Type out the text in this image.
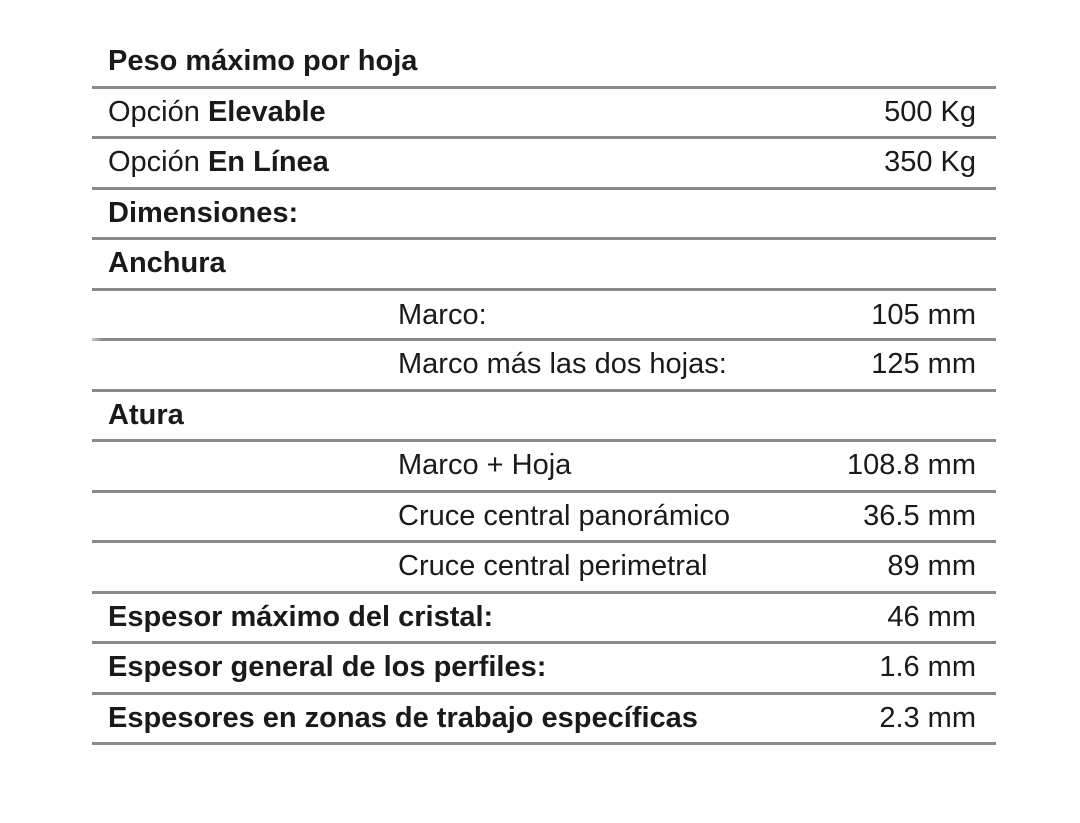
Peso máximo por hoja
Opción Elevable	500 Kg
Opción En Línea	350 Kg
Dimensiones:
Anchura
Marco:	105 mm
Marco más las dos hojas:	125 mm
Atura
Marco + Hoja	108.8 mm
Cruce central panorámico	36.5 mm
Cruce central perimetral	89 mm
Espesor máximo del cristal:	46 mm
Espesor general de los perfiles:	1.6 mm
Espesores en zonas de trabajo específicas	2.3 mm
